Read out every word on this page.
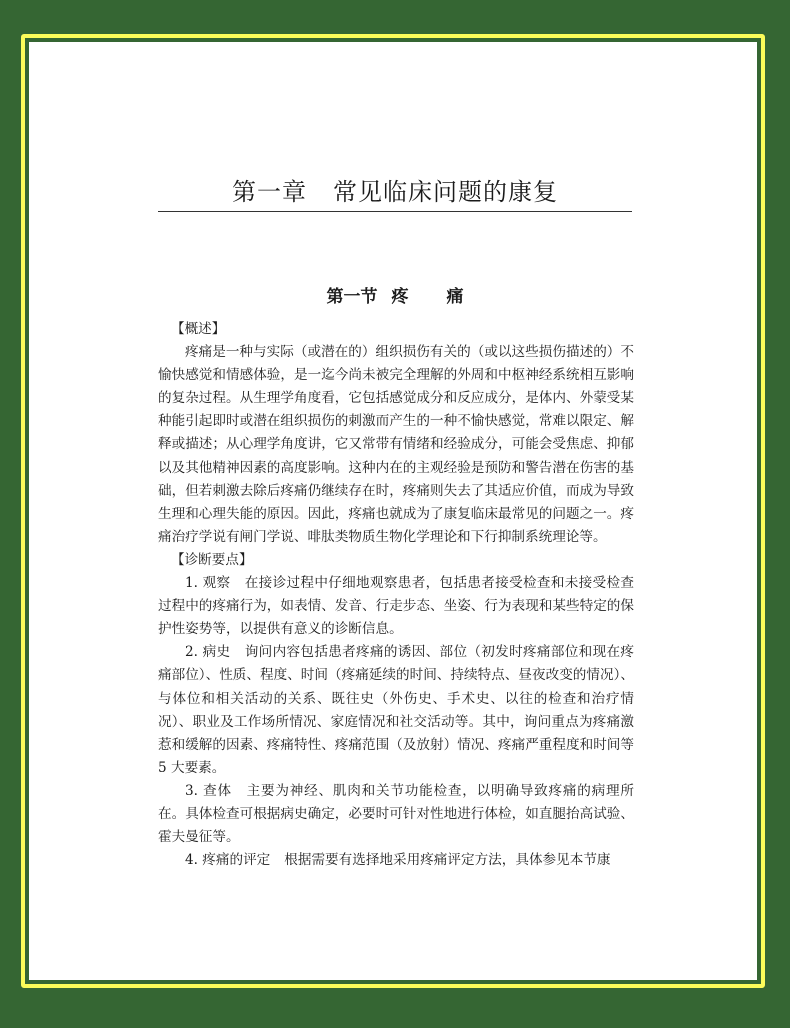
第一章 常见临床问题的康复
第一节 疼 痛

【概述】

疼痛是一种与实际（或潜在的）组织损伤有关的（或以这些损伤描述的）不愉快感觉和情感体验，是一迄今尚未被完全理解的外周和中枢神经系统相互影响的复杂过程。从生理学角度看，它包括感觉成分和反应成分，是体内、外蒙受某种能引起即时或潜在组织损伤的刺激而产生的一种不愉快感觉，常难以限定、解释或描述；从心理学角度讲，它又常带有情绪和经验成分，可能会受焦虑、抑郁以及其他精神因素的高度影响。这种内在的主观经验是预防和警告潜在伤害的基础，但若刺激去除后疼痛仍继续存在时，疼痛则失去了其适应价值，而成为导致生理和心理失能的原因。因此，疼痛也就成为了康复临床最常见的问题之一。疼痛治疗学说有闸门学说、啡肽类物质生物化学理论和下行抑制系统理论等。

【诊断要点】

1. 观察 在接诊过程中仔细地观察患者，包括患者接受检查和未接受检查过程中的疼痛行为，如表情、发音、行走步态、坐姿、行为表现和某些特定的保护性姿势等，以提供有意义的诊断信息。

2. 病史 询问内容包括患者疼痛的诱因、部位（初发时疼痛部位和现在疼痛部位）、性质、程度、时间（疼痛延续的时间、持续特点、昼夜改变的情况）、与体位和相关活动的关系、既往史（外伤史、手术史、以往的检查和治疗情况）、职业及工作场所情况、家庭情况和社交活动等。其中，询问重点为疼痛激惹和缓解的因素、疼痛特性、疼痛范围（及放射）情况、疼痛严重程度和时间等 5 大要素。

3. 查体 主要为神经、肌肉和关节功能检查，以明确导致疼痛的病理所在。具体检查可根据病史确定，必要时可针对性地进行体检，如直腿抬高试验、霍夫曼征等。

4. 疼痛的评定 根据需要有选择地采用疼痛评定方法，具体参见本节康
